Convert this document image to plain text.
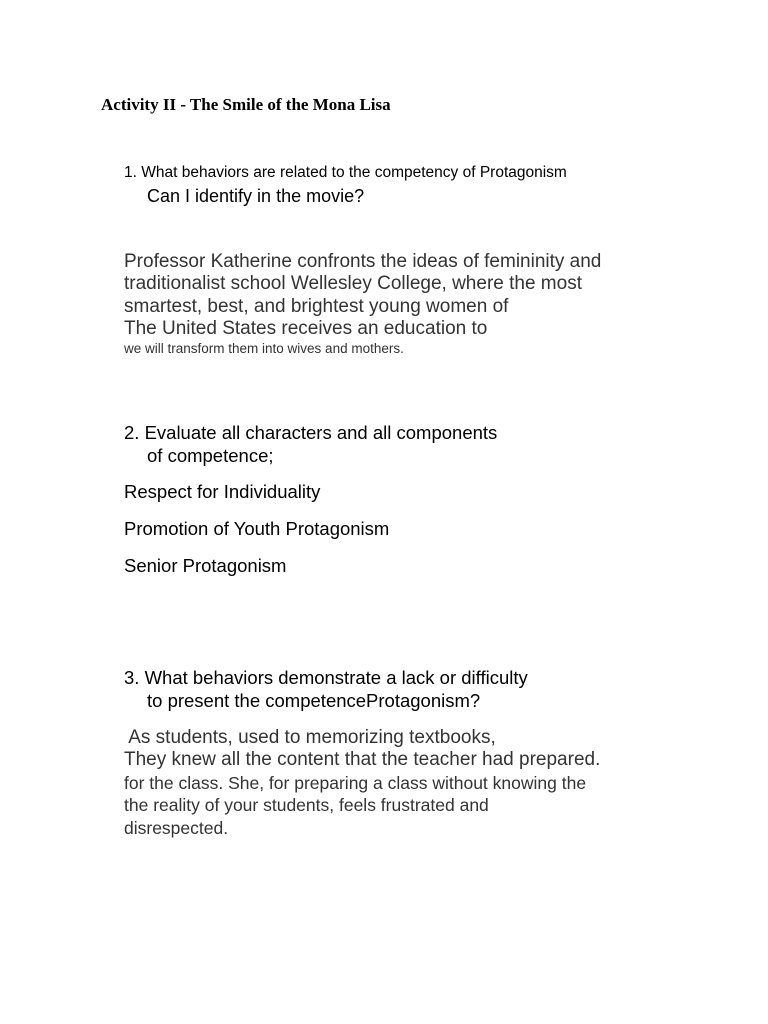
Activity II - The Smile of the Mona Lisa
1. What behaviors are related to the competency of Protagonism
Can I identify in the movie?
Professor Katherine confronts the ideas of femininity and
traditionalist school Wellesley College, where the most
smartest, best, and brightest young women of
The United States receives an education to
we will transform them into wives and mothers.
2. Evaluate all characters and all components
of competence;
Respect for Individuality
Promotion of Youth Protagonism
Senior Protagonism
3. What behaviors demonstrate a lack or difficulty
to present the competenceProtagonism?
As students, used to memorizing textbooks,
They knew all the content that the teacher had prepared.
for the class. She, for preparing a class without knowing the
the reality of your students, feels frustrated and
disrespected.
